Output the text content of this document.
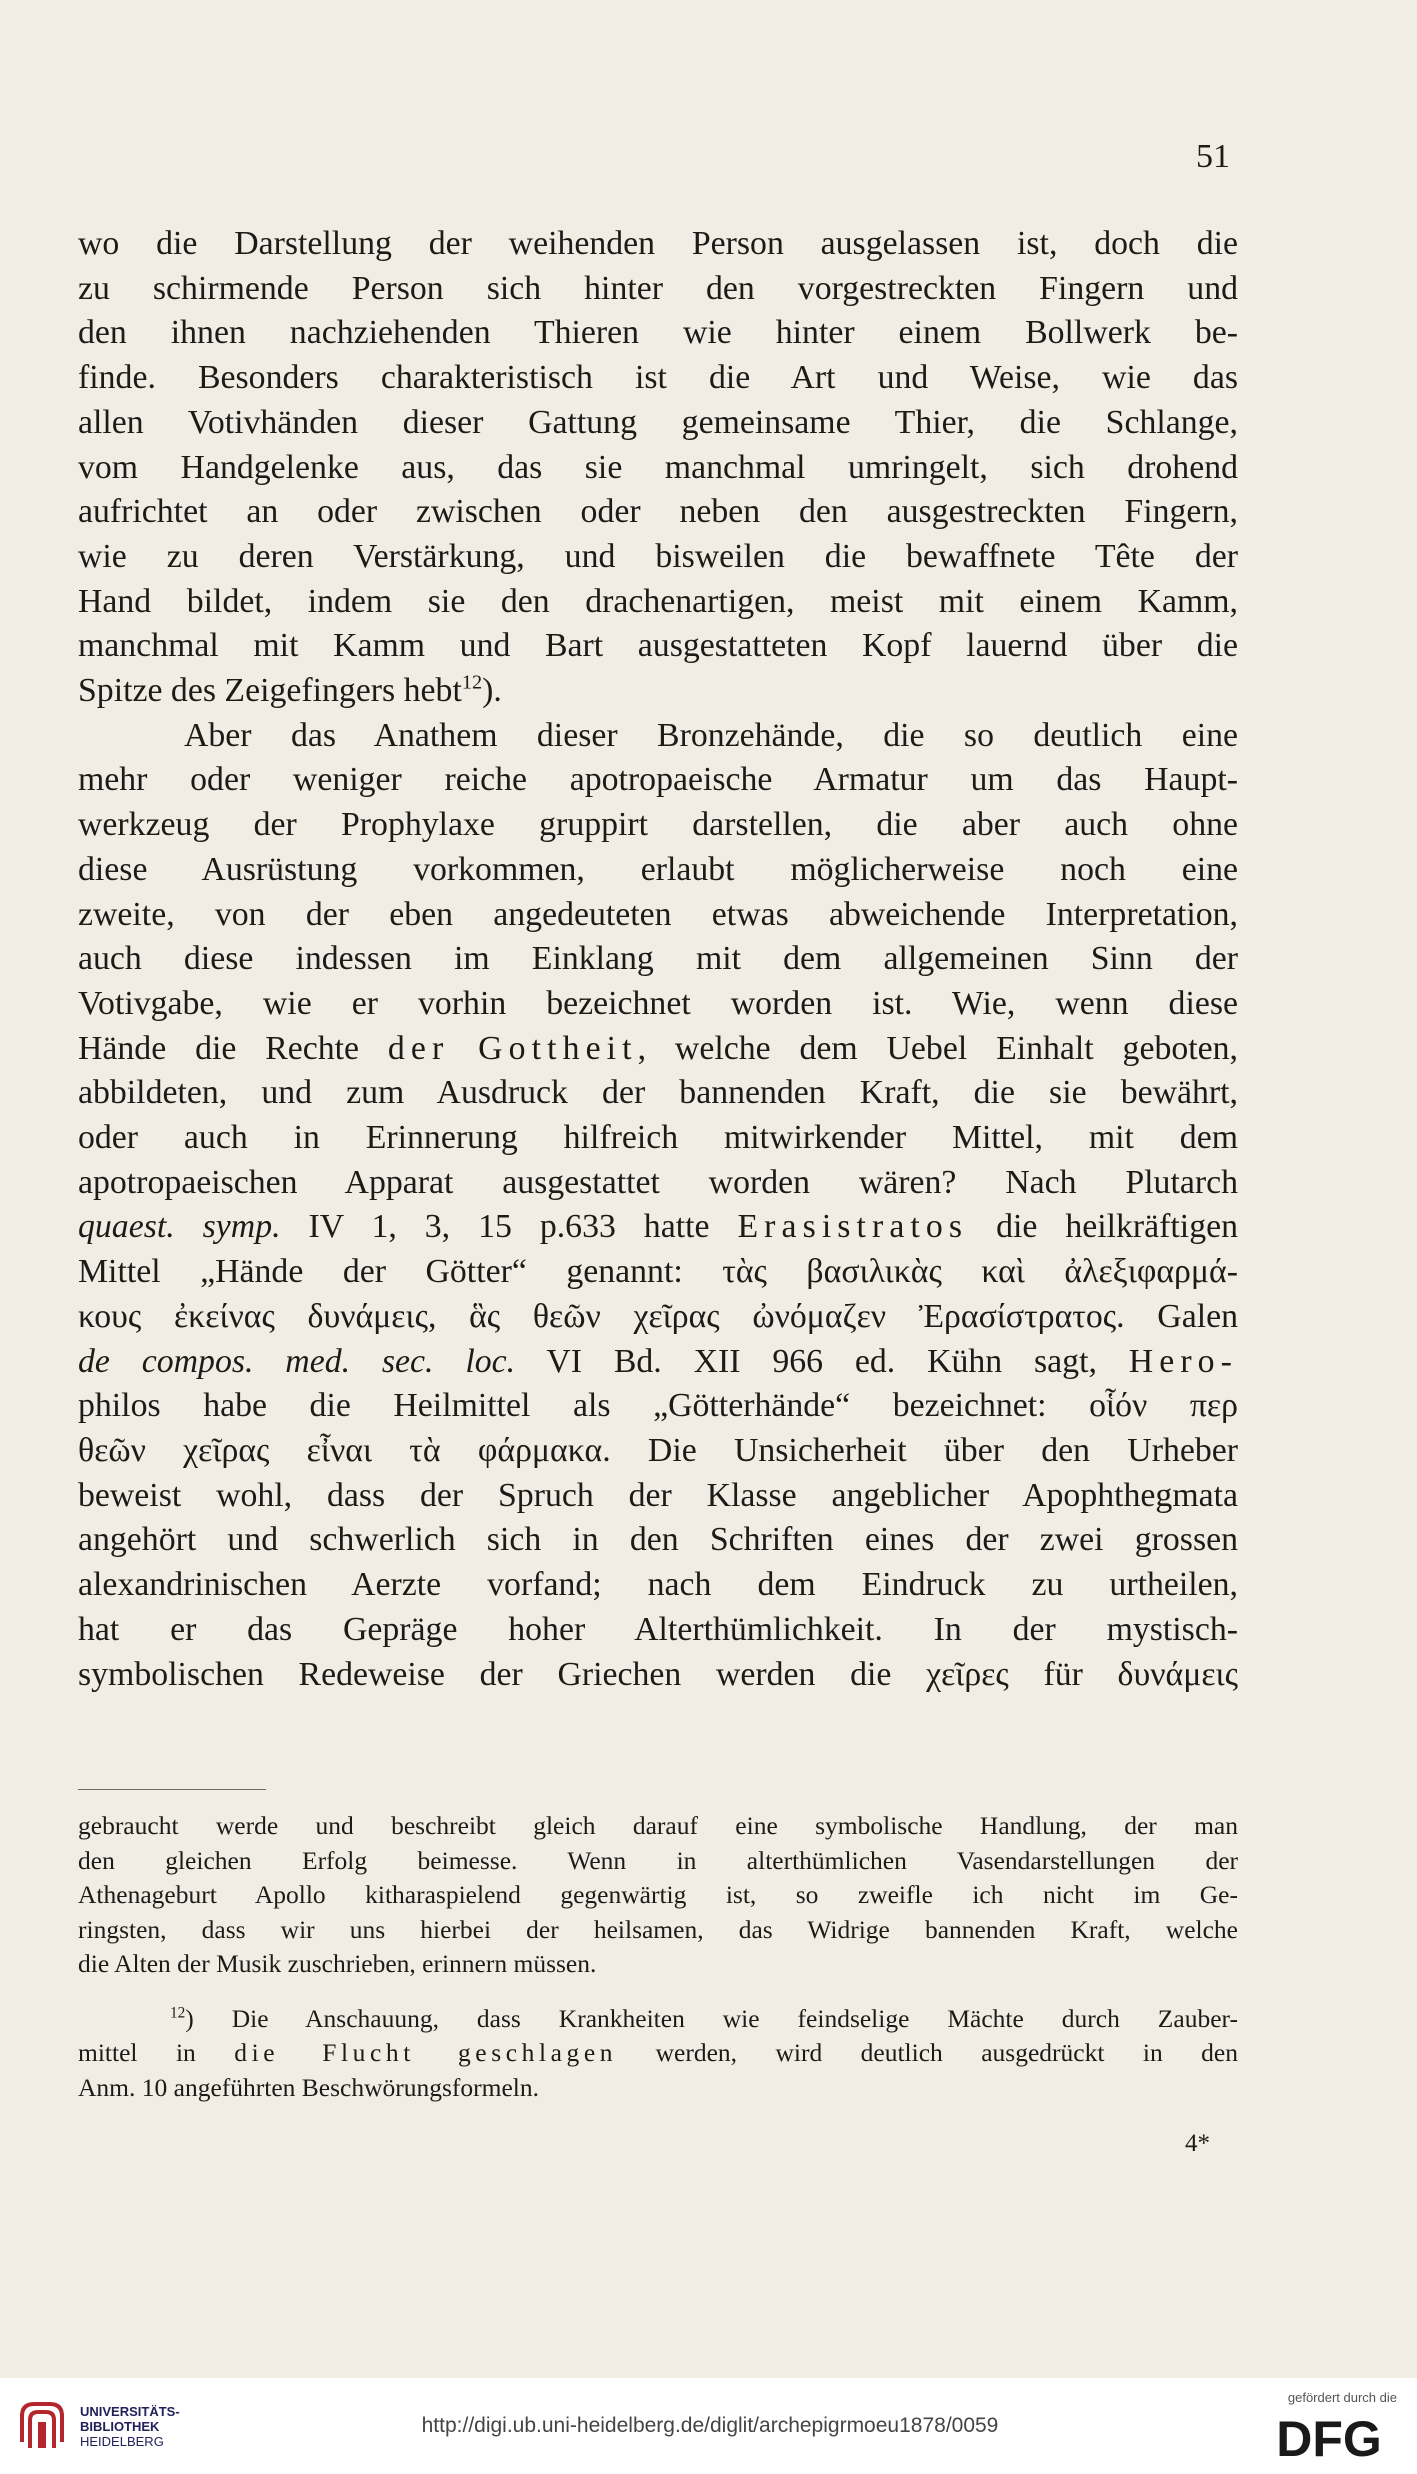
51
wo die Darstellung der weihenden Person ausgelassen ist, doch die
zu schirmende Person sich hinter den vorgestreckten Fingern und
den ihnen nachziehenden Thieren wie hinter einem Bollwerk be-
finde. Besonders charakteristisch ist die Art und Weise, wie das
allen Votivhänden dieser Gattung gemeinsame Thier, die Schlange,
vom Handgelenke aus, das sie manchmal umringelt, sich drohend
aufrichtet an oder zwischen oder neben den ausgestreckten Fingern,
wie zu deren Verstärkung, und bisweilen die bewaffnete Tête der
Hand bildet, indem sie den drachenartigen, meist mit einem Kamm,
manchmal mit Kamm und Bart ausgestatteten Kopf lauernd über die
Spitze des Zeigefingers hebt$^{12}$).
Aber das Anathem dieser Bronzehände, die so deutlich eine
mehr oder weniger reiche apotropaeische Armatur um das Haupt-
werkzeug der Prophylaxe gruppirt darstellen, die aber auch ohne
diese Ausrüstung vorkommen, erlaubt möglicherweise noch eine
zweite, von der eben angedeuteten etwas abweichende Interpretation,
auch diese indessen im Einklang mit dem allgemeinen Sinn der
Votivgabe, wie er vorhin bezeichnet worden ist. Wie, wenn diese
Hände die Rechte der Gottheit, welche dem Uebel Einhalt geboten,
abbildeten, und zum Ausdruck der bannenden Kraft, die sie bewährt,
oder auch in Erinnerung hilfreich mitwirkender Mittel, mit dem
apotropaeischen Apparat ausgestattet worden wären? Nach Plutarch
quaest. symp. IV 1, 3, 15 p.633 hatte Erasistratos die heilkräftigen
Mittel „Hände der Götter“ genannt: τὰς βασιλικὰς καὶ ἀλεξιφαρμά-
κους ἐκείνας δυνάμεις, ἃς θεῶν χεῖρας ὠνόμαζεν Ἐρασίστρατος. Galen
de compos. med. sec. loc. VI Bd. XII 966 ed. Kühn sagt, Hero-
philos habe die Heilmittel als „Götterhände“ bezeichnet: οἷόν περ
θεῶν χεῖρας εἶναι τὰ φάρμακα. Die Unsicherheit über den Urheber
beweist wohl, dass der Spruch der Klasse angeblicher Apophthegmata
angehört und schwerlich sich in den Schriften eines der zwei grossen
alexandrinischen Aerzte vorfand; nach dem Eindruck zu urtheilen,
hat er das Gepräge hoher Alterthümlichkeit. In der mystisch-
symbolischen Redeweise der Griechen werden die χεῖρες für δυνάμεις
gebraucht werde und beschreibt gleich darauf eine symbolische Handlung, der man
den gleichen Erfolg beimesse. Wenn in alterthümlichen Vasendarstellungen der
Athenageburt Apollo kitharaspielend gegenwärtig ist, so zweifle ich nicht im Ge-
ringsten, dass wir uns hierbei der heilsamen, das Widrige bannenden Kraft, welche
die Alten der Musik zuschrieben, erinnern müssen.
$^{12}$) Die Anschauung, dass Krankheiten wie feindselige Mächte durch Zauber-
mittel in die Flucht geschlagen werden, wird deutlich ausgedrückt in den
Anm. 10 angeführten Beschwörungsformeln.
4*
UNIVERSITÄTS-
BIBLIOTHEK
HEIDELBERG
http://digi.ub.uni-heidelberg.de/diglit/archepigrmoeu1878/0059
gefördert durch die
DFG
